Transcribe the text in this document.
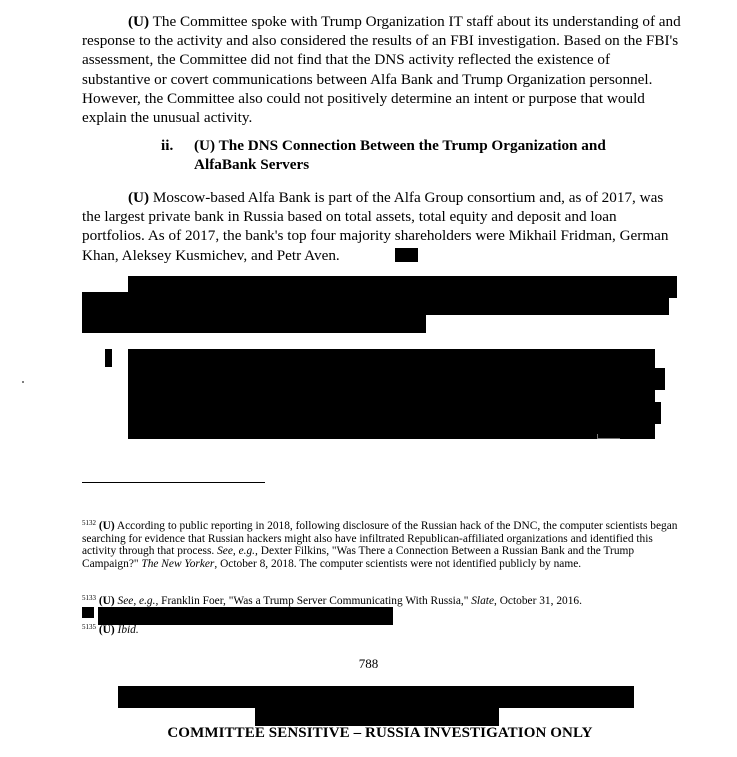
(U) The Committee spoke with Trump Organization IT staff about its understanding of and response to the activity and also considered the results of an FBI investigation. Based on the FBI's assessment, the Committee did not find that the DNS activity reflected the existence of substantive or covert communications between Alfa Bank and Trump Organization personnel. However, the Committee also could not positively determine an intent or purpose that would explain the unusual activity.

ii. (U) The DNS Connection Between the Trump Organization and AlfaBank Servers

(U) Moscow-based Alfa Bank is part of the Alfa Group consortium and, as of 2017, was the largest private bank in Russia based on total assets, total equity and deposit and loan portfolios. As of 2017, the bank's top four majority shareholders were Mikhail Fridman, German Khan, Aleksey Kusmichev, and Petr Aven.

$^{5132}$ (U) According to public reporting in 2018, following disclosure of the Russian hack of the DNC, the computer scientists began searching for evidence that Russian hackers might also have infiltrated Republican-affiliated organizations and identified this activity through that process. See, e.g., Dexter Filkins, "Was There a Connection Between a Russian Bank and the Trump Campaign?" The New Yorker, October 8, 2018. The computer scientists were not identified publicly by name.
$^{5133}$ (U) See, e.g., Franklin Foer, "Was a Trump Server Communicating With Russia," Slate, October 31, 2016.
$^{5135}$ (U) Ibid.
788
COMMITTEE SENSITIVE – RUSSIA INVESTIGATION ONLY
